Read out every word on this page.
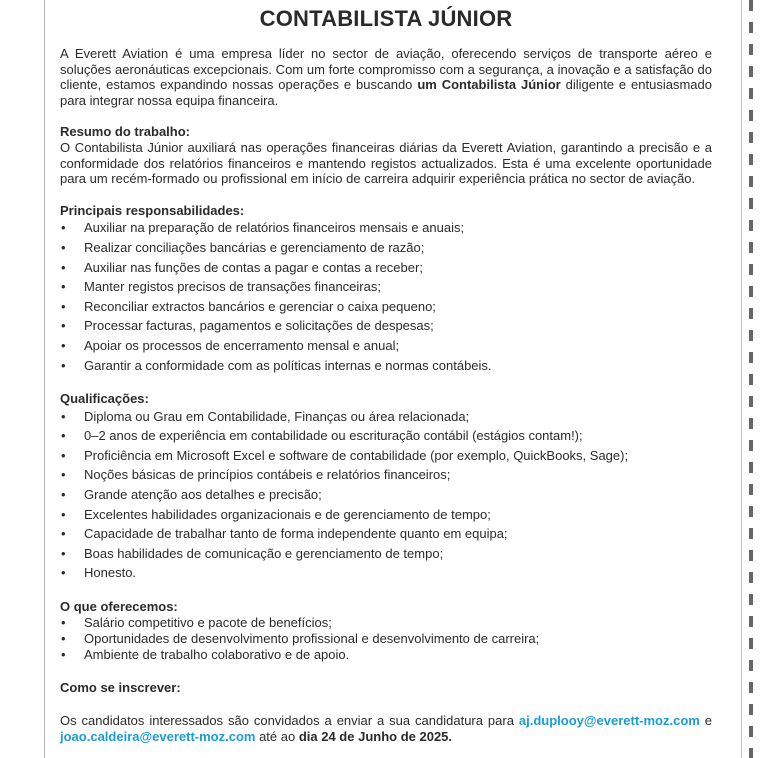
CONTABILISTA JÚNIOR

A Everett Aviation é uma empresa líder no sector de aviação, oferecendo serviços de transporte aéreo e soluções aeronáuticas excepcionais. Com um forte compromisso com a segurança, a inovação e a satisfação do cliente, estamos expandindo nossas operações e buscando um Contabilista Júnior diligente e entusiasmado para integrar nossa equipa financeira.

Resumo do trabalho:

O Contabilista Júnior auxiliará nas operações financeiras diárias da Everett Aviation, garantindo a precisão e a conformidade dos relatórios financeiros e mantendo registos actualizados. Esta é uma excelente oportunidade para um recém-formado ou profissional em início de carreira adquirir experiência prática no sector de aviação.

Principais responsabilidades:
• Auxiliar na preparação de relatórios financeiros mensais e anuais;
• Realizar conciliações bancárias e gerenciamento de razão;
• Auxiliar nas funções de contas a pagar e contas a receber;
• Manter registos precisos de transações financeiras;
• Reconciliar extractos bancários e gerenciar o caixa pequeno;
• Processar facturas, pagamentos e solicitações de despesas;
• Apoiar os processos de encerramento mensal e anual;
• Garantir a conformidade com as políticas internas e normas contábeis.
Qualificações:
• Diploma ou Grau em Contabilidade, Finanças ou área relacionada;
• 0–2 anos de experiência em contabilidade ou escrituração contábil (estágios contam!);
• Proficiência em Microsoft Excel e software de contabilidade (por exemplo, QuickBooks, Sage);
• Noções básicas de princípios contábeis e relatórios financeiros;
• Grande atenção aos detalhes e precisão;
• Excelentes habilidades organizacionais e de gerenciamento de tempo;
• Capacidade de trabalhar tanto de forma independente quanto em equipa;
• Boas habilidades de comunicação e gerenciamento de tempo;
• Honesto.
O que oferecemos:
• Salário competitivo e pacote de benefícios;
• Oportunidades de desenvolvimento profissional e desenvolvimento de carreira;
• Ambiente de trabalho colaborativo e de apoio.
Como se inscrever:

Os candidatos interessados são convidados a enviar a sua candidatura para aj.duplooy@everett-moz.com e joao.caldeira@everett-moz.com até ao dia 24 de Junho de 2025.
